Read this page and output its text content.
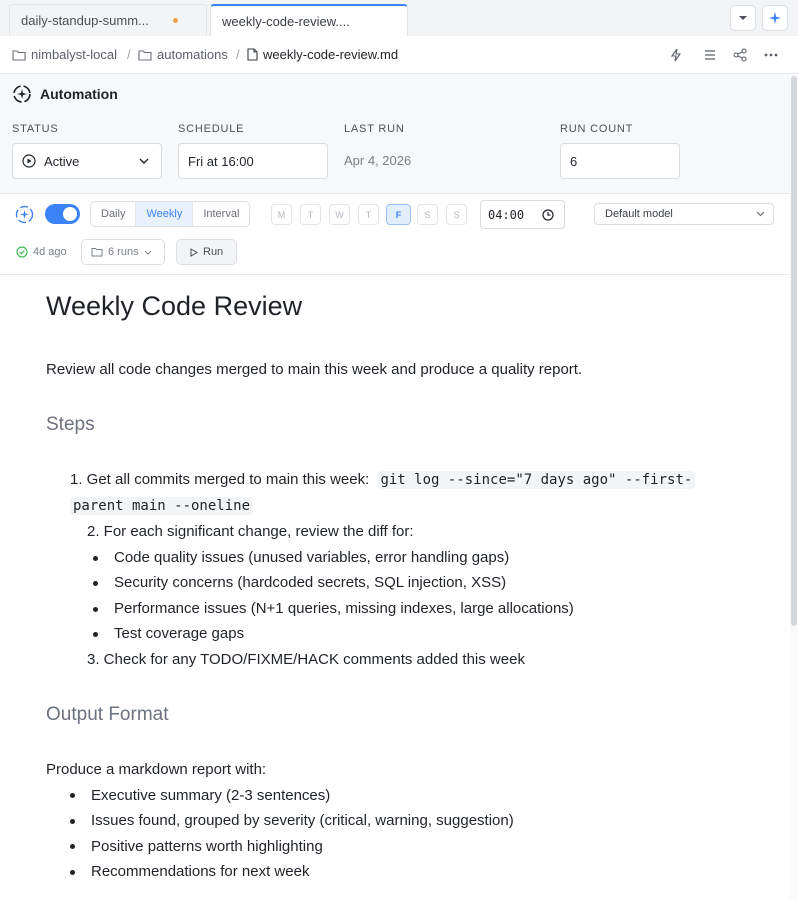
daily-standup-summ...	weekly-code-review....
nimbalyst-local / automations / weekly-code-review.md
Automation
STATUS
Active
SCHEDULE
Fri at 16:00
LAST RUN
Apr 4, 2026
RUN COUNT
6
Daily	Weekly	Interval	M	T	W	T	F	S	S	04:00	Default model
4d ago	6 runs	Run
Weekly Code Review
Review all code changes merged to main this week and produce a quality report.
Steps
1. Get all commits merged to main this week: git log --since="7 days ago" --first-
parent main --oneline
2. For each significant change, review the diff for:
Code quality issues (unused variables, error handling gaps)
Security concerns (hardcoded secrets, SQL injection, XSS)
Performance issues (N+1 queries, missing indexes, large allocations)
Test coverage gaps
3. Check for any TODO/FIXME/HACK comments added this week
Output Format
Produce a markdown report with:
Executive summary (2-3 sentences)
Issues found, grouped by severity (critical, warning, suggestion)
Positive patterns worth highlighting
Recommendations for next week
